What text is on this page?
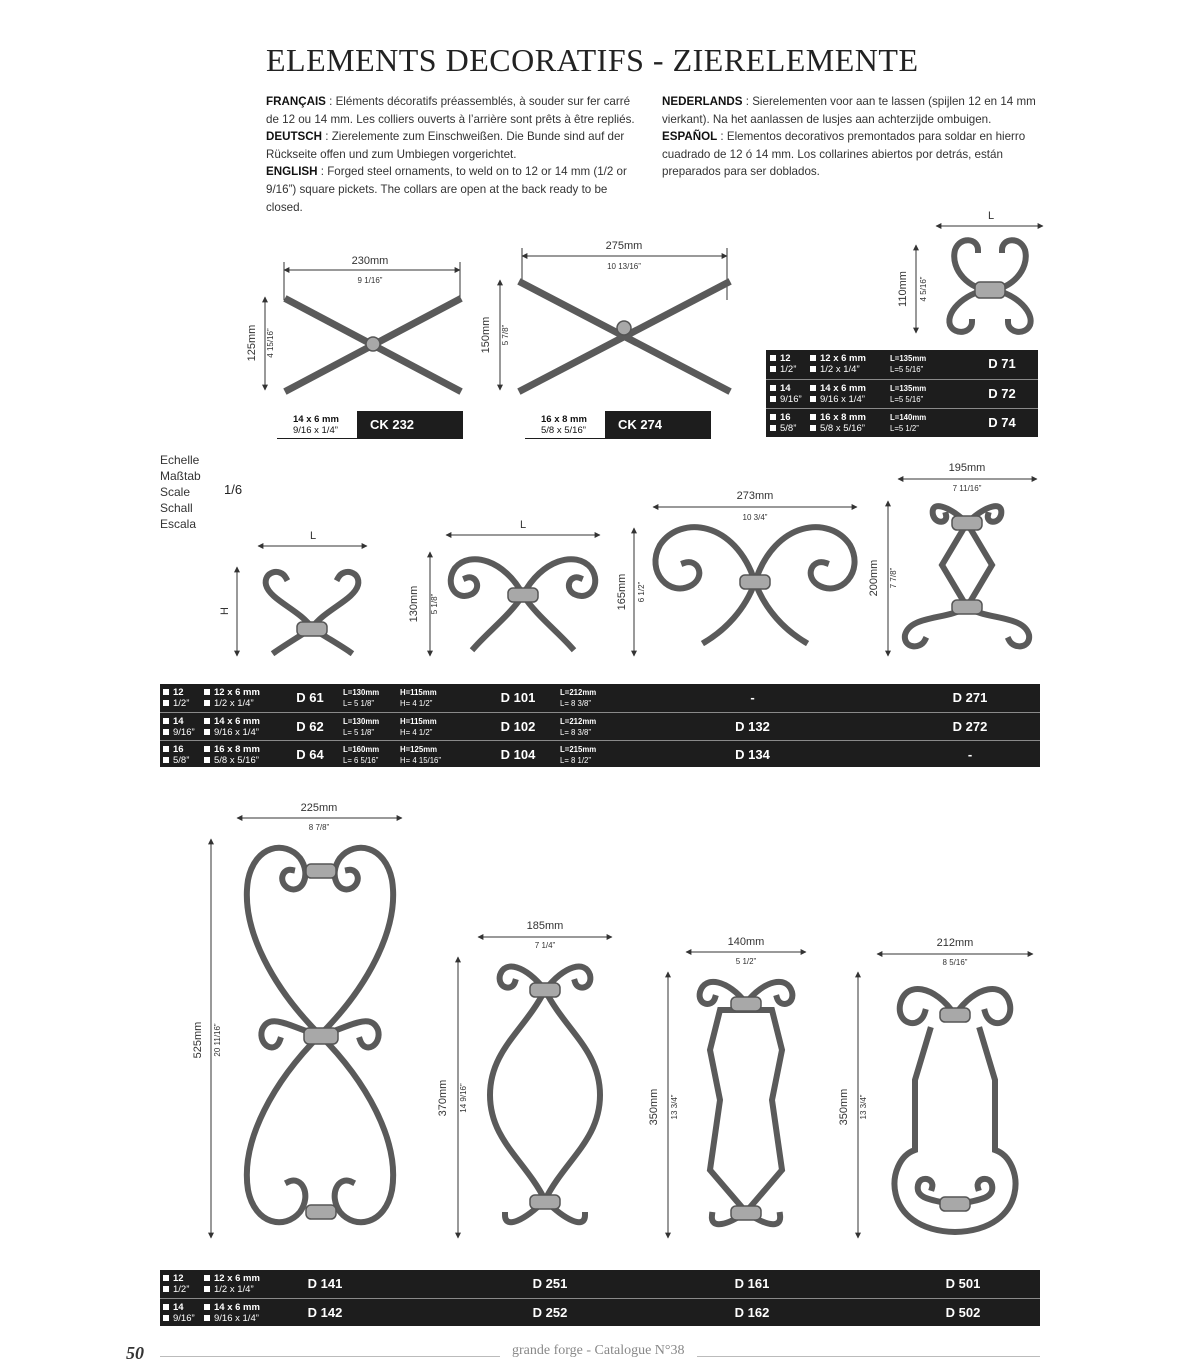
ELEMENTS DECORATIFS - ZIERELEMENTE
FRANÇAIS : Eléments décoratifs préassemblés, à souder sur fer carré de 12 ou 14 mm. Les colliers ouverts à l’arrière sont prêts à être repliés.
DEUTSCH : Zierelemente zum Einschweißen. Die Bunde sind auf der Rückseite offen und zum Umbiegen vorgerichtet.
ENGLISH : Forged steel ornaments, to weld on to 12 or 14 mm (1/2 or 9/16”) square pickets. The collars are open at the back ready to be closed.
NEDERLANDS : Sierelementen voor aan te lassen (spijlen 12 en 14 mm vierkant). Na het aanlassen de lusjes aan achterzijde ombuigen.
ESPAÑOL : Elementos decorativos premontados para soldar en hierro cuadrado de 12 ó 14 mm. Los collarines abiertos por detrás, están preparados para ser doblados.
Echelle
Maßtab
Scale
Schall
Escala
1/6
230mm
9 1/16”
125mm 4 15/16”
275mm
10 13/16”
150mm 5 7/8”
L
110mm 4 5/16”
L
H
L
130mm 5 1/8”
273mm
10 3/4”
165mm 6 1/2”
195mm
7 11/16”
200mm 7 7/8”
225mm
8 7/8”
525mm 20 11/16”
185mm
7 1/4”
370mm 14 9/16”
140mm
5 1/2”
350mm 13 3/4”
212mm
8 5/16”
350mm 13 3/4”
14 x 6 mm
9/16 x 1/4”	CK 232	16 x 8 mm
5/8 x 5/16”	CK 274
12
1/2”
12 x 6 mm
1/2 x 1/4”
L=135mm
L=5 5/16”	D 71
14
9/16”
14 x 6 mm
9/16 x 1/4”
L=135mm
L=5 5/16”	D 72
16
5/8”
16 x 8 mm
5/8 x 5/16”
L=140mm
L=5 1/2”	D 74
12
1/2”
12 x 6 mm
1/2 x 1/4”	D 61	L=130mm
L= 5 1/8”
H=115mm
H= 4 1/2”	D 101	L=212mm
L= 8 3/8”	-	D 271
14
9/16”
14 x 6 mm
9/16 x 1/4”	D 62	L=130mm
L= 5 1/8”
H=115mm
H= 4 1/2”	D 102	L=212mm
L= 8 3/8”	D 132	D 272
16
5/8”
16 x 8 mm
5/8 x 5/16”	D 64	L=160mm
L= 6 5/16”
H=125mm
H= 4 15/16”	D 104	L=215mm
L= 8 1/2”	D 134	-
12
1/2”
12 x 6 mm
1/2 x 1/4”	D 141	D 251	D 161	D 501
14
9/16”
14 x 6 mm
9/16 x 1/4”	D 142	D 252	D 162	D 502
50	grande forge - Catalogue N°38
